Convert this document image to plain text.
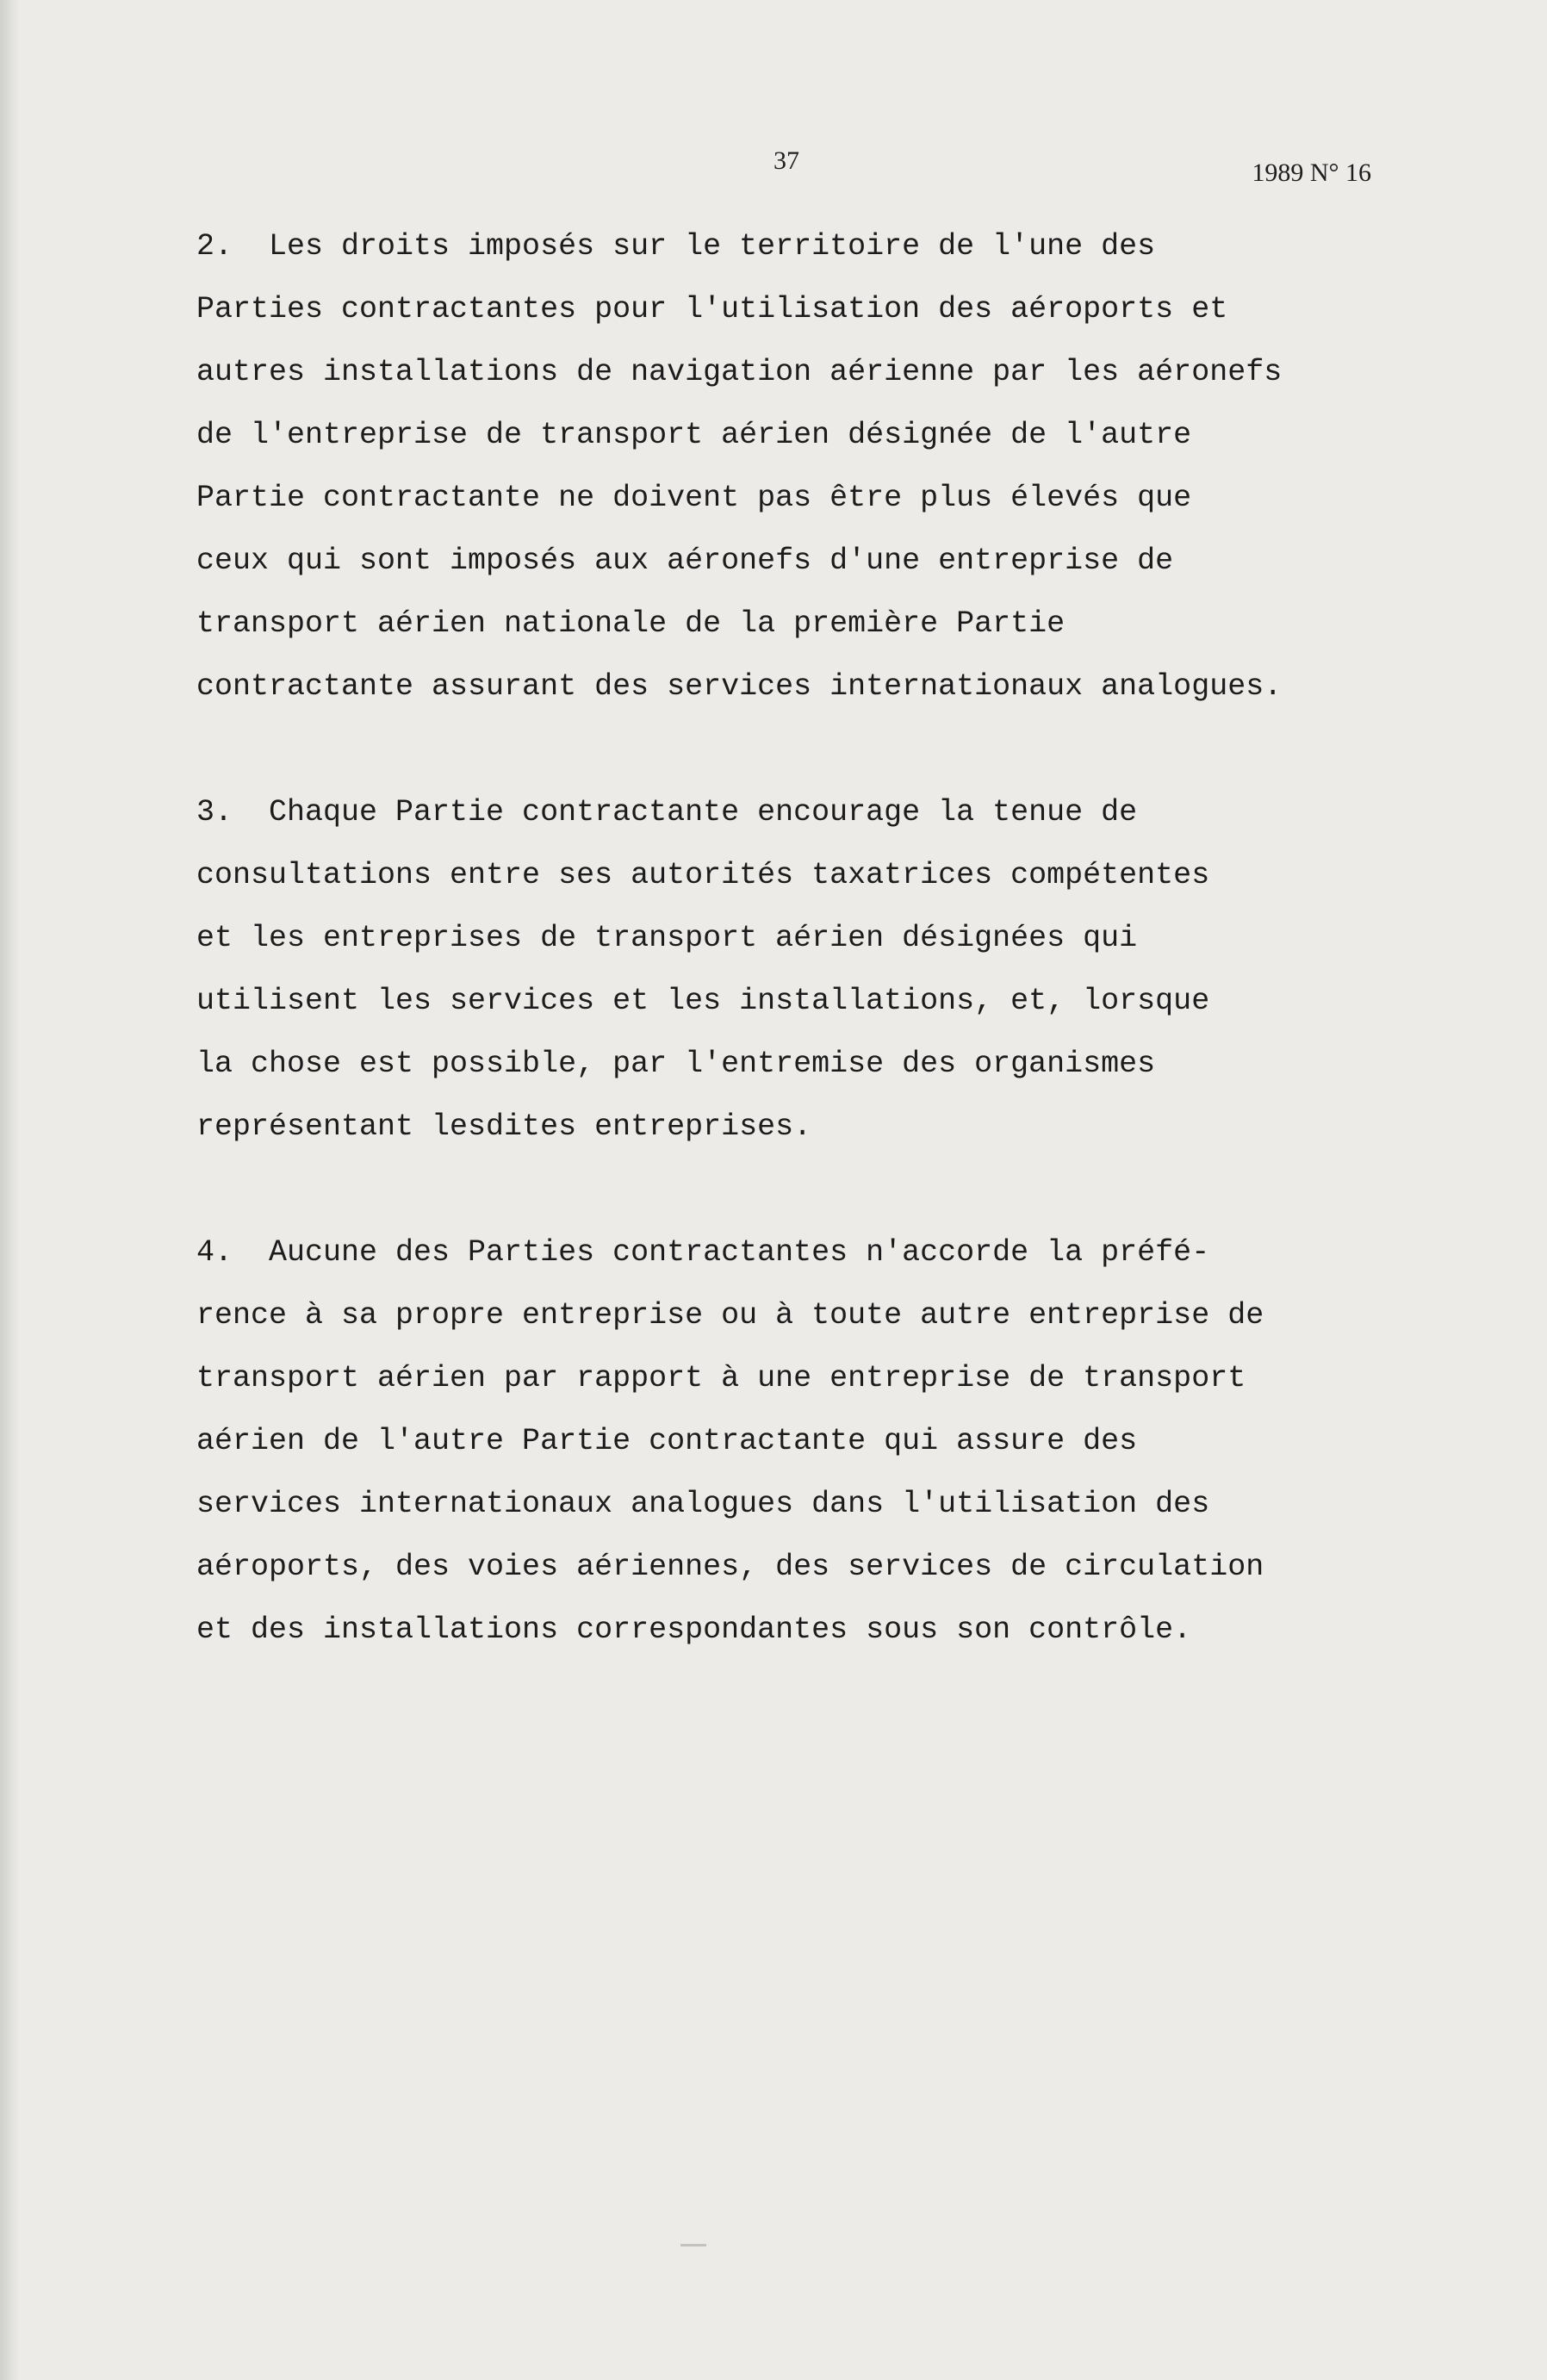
37	1989 N° 16
2.  Les droits imposés sur le territoire de l'une des
Parties contractantes pour l'utilisation des aéroports et
autres installations de navigation aérienne par les aéronefs
de l'entreprise de transport aérien désignée de l'autre
Partie contractante ne doivent pas être plus élevés que
ceux qui sont imposés aux aéronefs d'une entreprise de
transport aérien nationale de la première Partie
contractante assurant des services internationaux analogues.
3.  Chaque Partie contractante encourage la tenue de
consultations entre ses autorités taxatrices compétentes
et les entreprises de transport aérien désignées qui
utilisent les services et les installations, et, lorsque
la chose est possible, par l'entremise des organismes
représentant lesdites entreprises.
4.  Aucune des Parties contractantes n'accorde la préfé-
rence à sa propre entreprise ou à toute autre entreprise de
transport aérien par rapport à une entreprise de transport
aérien de l'autre Partie contractante qui assure des
services internationaux analogues dans l'utilisation des
aéroports, des voies aériennes, des services de circulation
et des installations correspondantes sous son contrôle.
